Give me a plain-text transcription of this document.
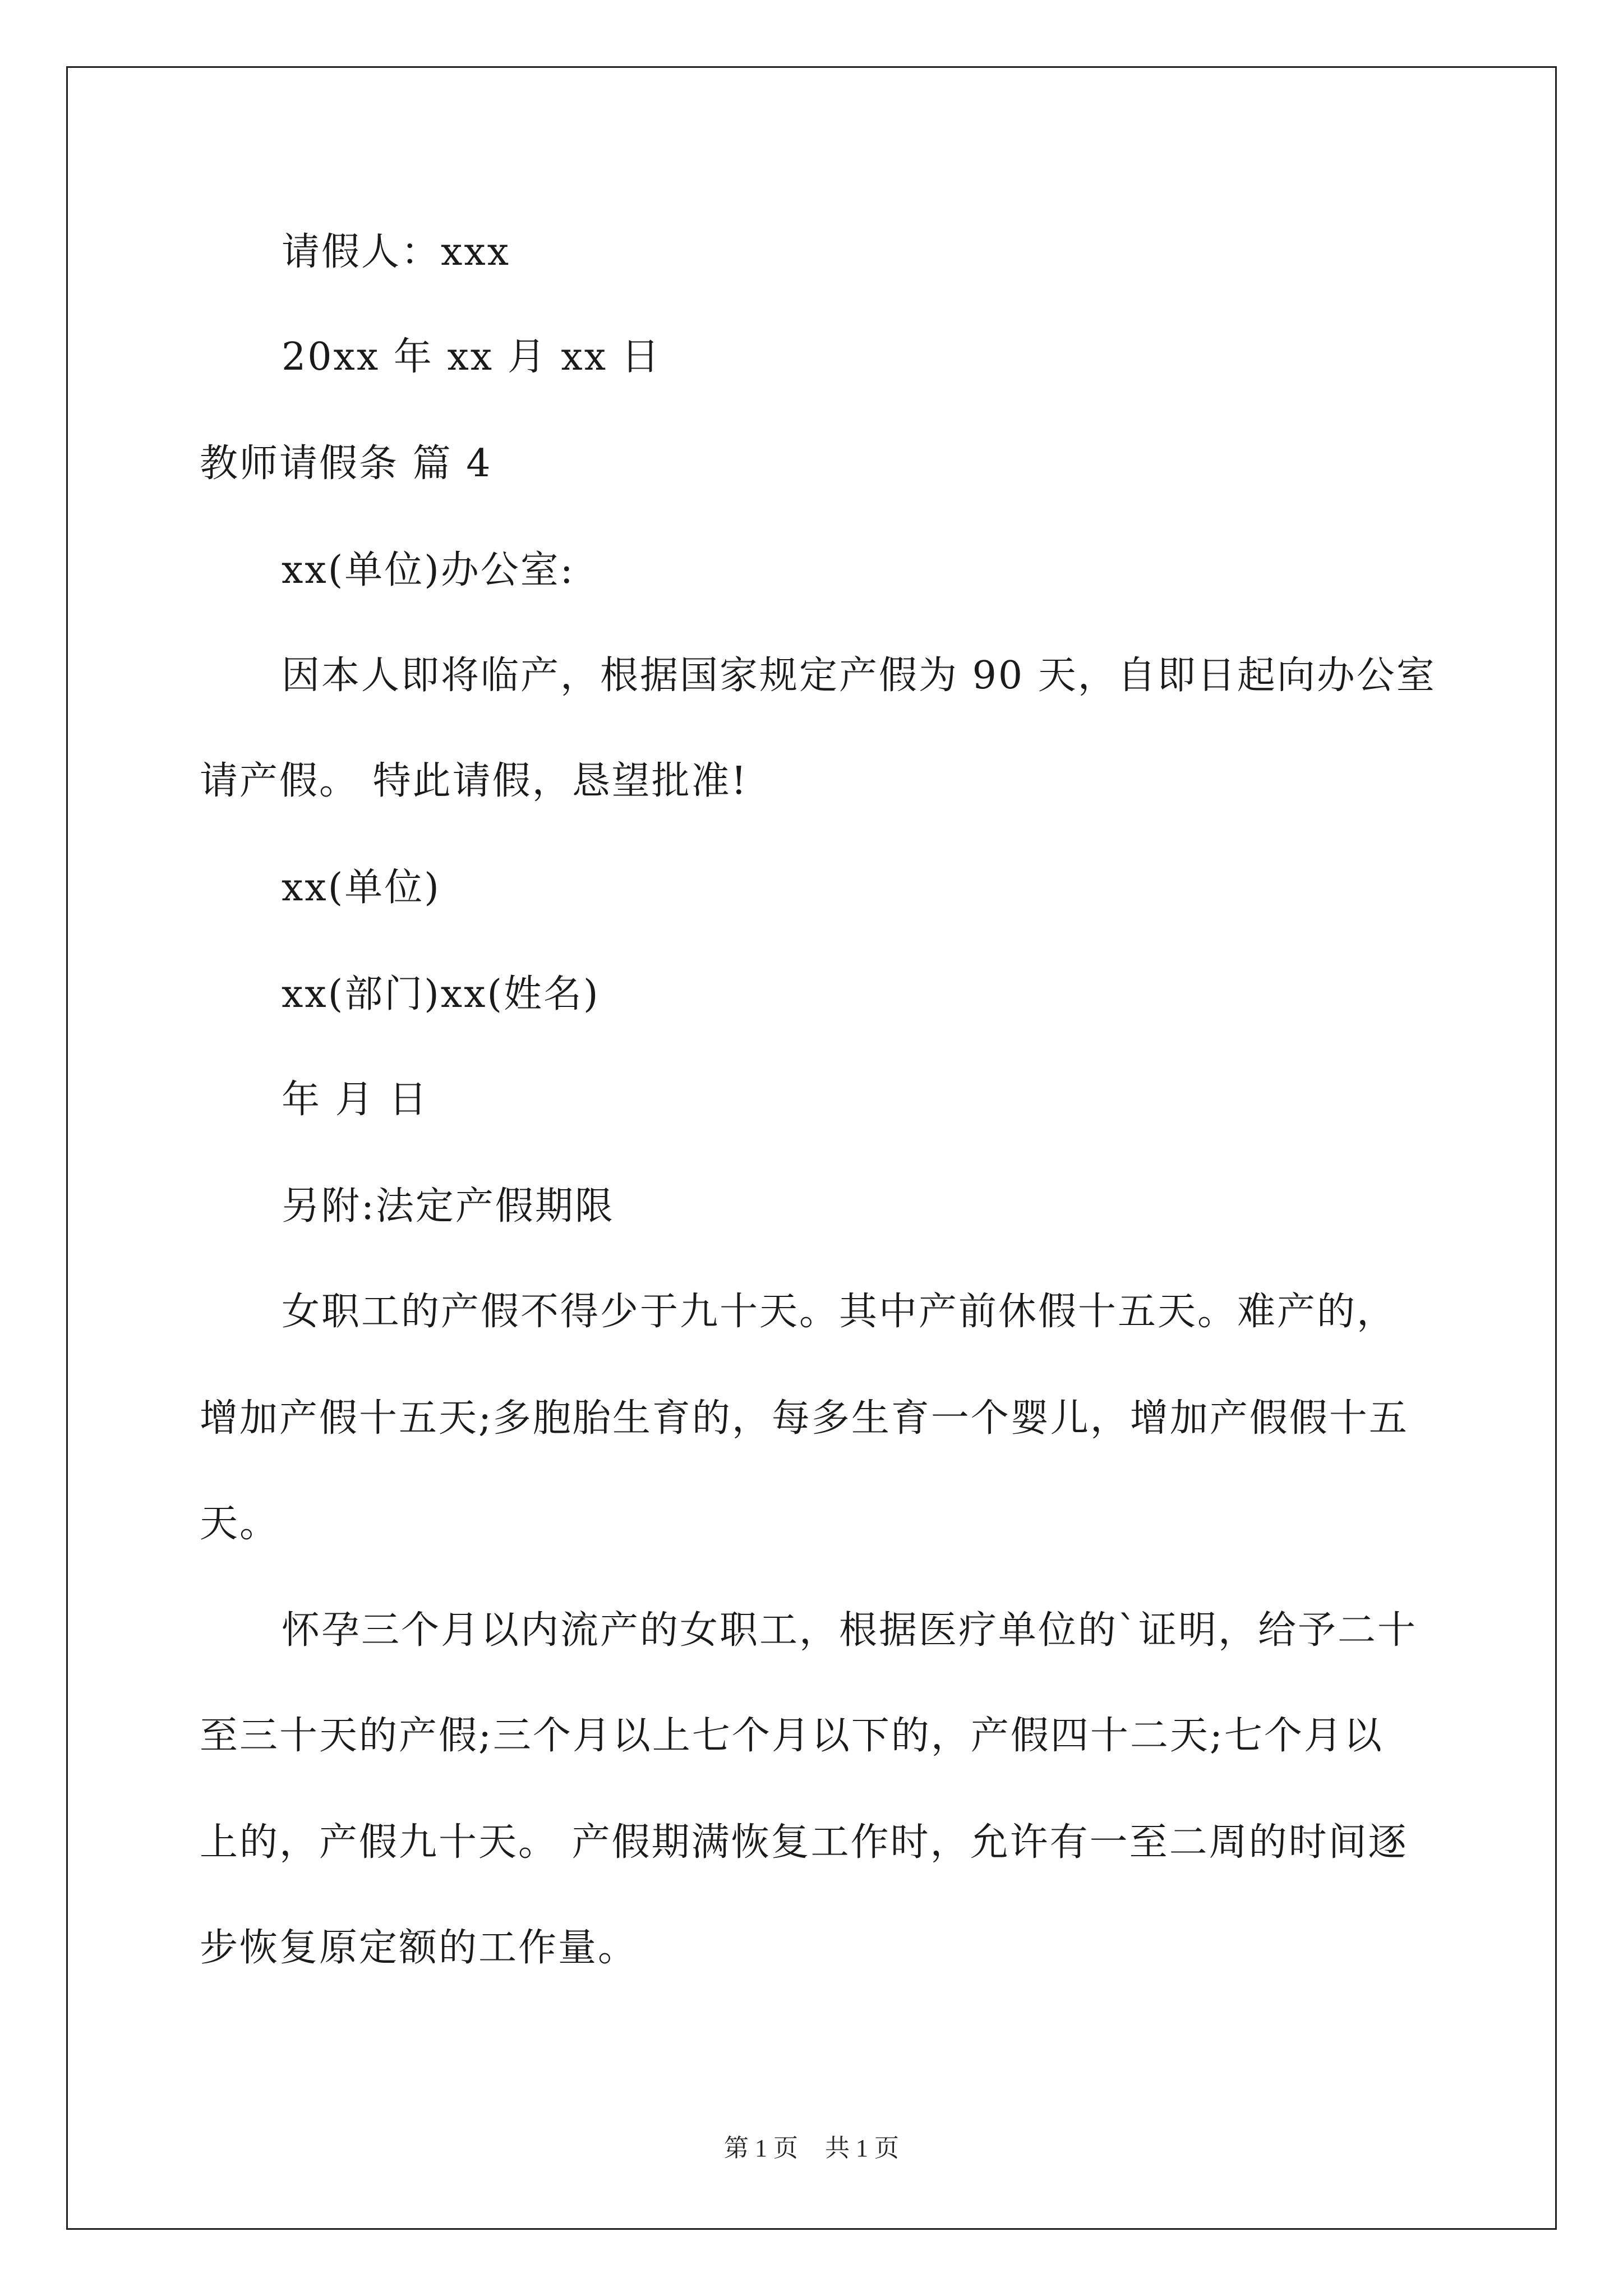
请假人：xxx
20xx 年 xx 月 xx 日
教师请假条 篇 4
xx(单位)办公室:
因本人即将临产，根据国家规定产假为 90 天，自即日起向办公室
请产假。 特此请假，恳望批准!
xx(单位)
xx(部门)xx(姓名)
年 月 日
另附:法定产假期限
女职工的产假不得少于九十天。其中产前休假十五天。难产的，
增加产假十五天;多胞胎生育的，每多生育一个婴儿，增加产假假十五
天。
怀孕三个月以内流产的女职工，根据医疗单位的`证明，给予二十
至三十天的产假;三个月以上七个月以下的，产假四十二天;七个月以
上的，产假九十天。 产假期满恢复工作时，允许有一至二周的时间逐
步恢复原定额的工作量。
第 1 页 共 1 页
